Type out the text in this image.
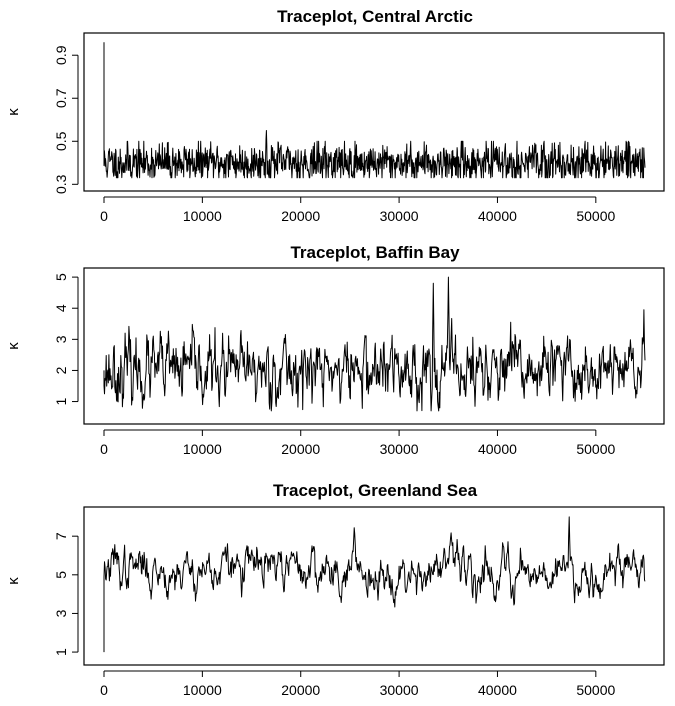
Traceplot, Central Arctic
κ
0	10000	20000	30000	40000	50000
0.3
0.5
0.7
0.9
Traceplot, Baffin Bay
κ
0	10000	20000	30000	40000	50000
1
2
3
4
5
Traceplot, Greenland Sea
κ
0	10000	20000	30000	40000	50000
1
3
5
7
